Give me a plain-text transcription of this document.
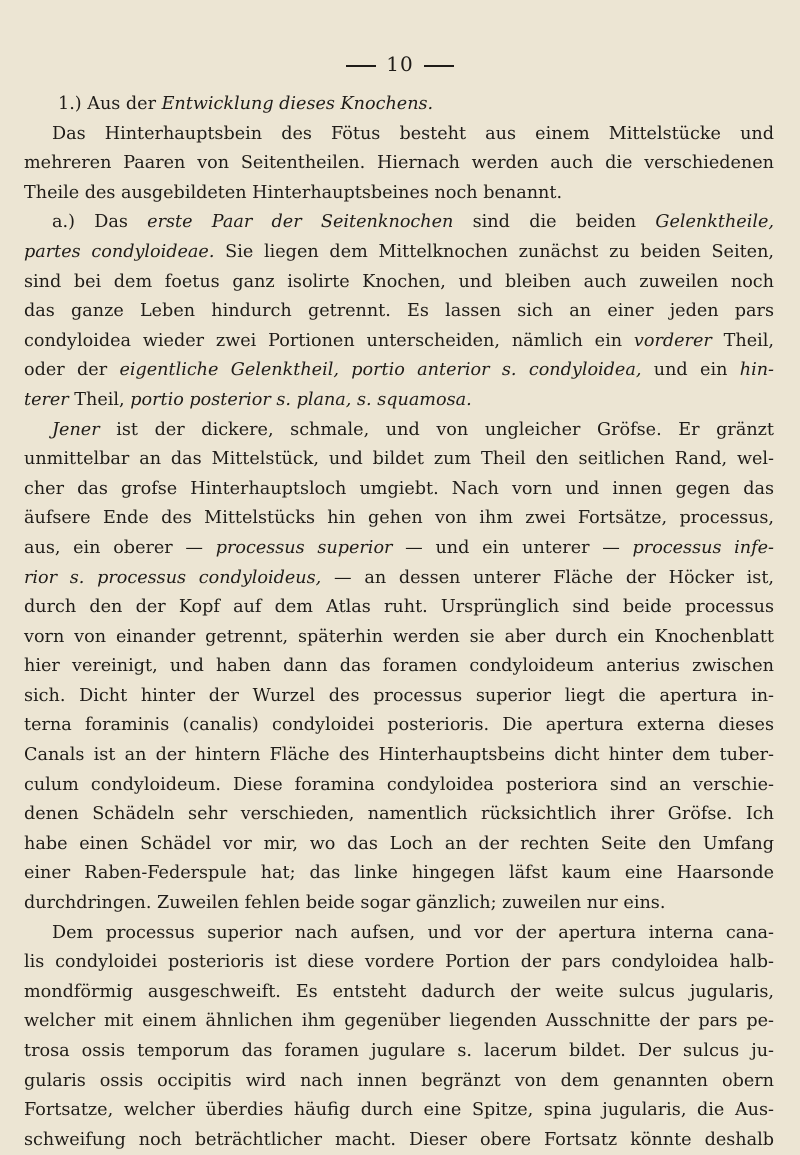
10
1.) Aus der Entwicklung dieses Knochens.
Das Hinterhauptsbein des Fötus besteht aus einem Mittelstücke und
mehreren Paaren von Seitentheilen. Hiernach werden auch die verschiedenen
Theile des ausgebildeten Hinterhauptsbeines noch benannt.
a.) Das erste Paar der Seitenknochen sind die beiden Gelenktheile,
partes condyloideae. Sie liegen dem Mittelknochen zunächst zu beiden Seiten,
sind bei dem foetus ganz isolirte Knochen, und bleiben auch zuweilen noch
das ganze Leben hindurch getrennt. Es lassen sich an einer jeden pars
condyloidea wieder zwei Portionen unterscheiden, nämlich ein vorderer Theil,
oder der eigentliche Gelenktheil, portio anterior s. condyloidea, und ein hin-
terer Theil, portio posterior s. plana, s. squamosa.
Jener ist der dickere, schmale, und von ungleicher Gröfse. Er gränzt
unmittelbar an das Mittelstück, und bildet zum Theil den seitlichen Rand, wel-
cher das grofse Hinterhauptsloch umgiebt. Nach vorn und innen gegen das
äufsere Ende des Mittelstücks hin gehen von ihm zwei Fortsätze, processus,
aus, ein oberer — processus superior — und ein unterer — processus infe-
rior s. processus condyloideus, — an dessen unterer Fläche der Höcker ist,
durch den der Kopf auf dem Atlas ruht. Ursprünglich sind beide processus
vorn von einander getrennt, späterhin werden sie aber durch ein Knochenblatt
hier vereinigt, und haben dann das foramen condyloideum anterius zwischen
sich. Dicht hinter der Wurzel des processus superior liegt die apertura in-
terna foraminis (canalis) condyloidei posterioris. Die apertura externa dieses
Canals ist an der hintern Fläche des Hinterhauptsbeins dicht hinter dem tuber-
culum condyloideum. Diese foramina condyloidea posteriora sind an verschie-
denen Schädeln sehr verschieden, namentlich rücksichtlich ihrer Gröfse. Ich
habe einen Schädel vor mir, wo das Loch an der rechten Seite den Umfang
einer Raben-Federspule hat; das linke hingegen läfst kaum eine Haarsonde
durchdringen. Zuweilen fehlen beide sogar gänzlich; zuweilen nur eins.
Dem processus superior nach aufsen, und vor der apertura interna cana-
lis condyloidei posterioris ist diese vordere Portion der pars condyloidea halb-
mondförmig ausgeschweift. Es entsteht dadurch der weite sulcus jugularis,
welcher mit einem ähnlichen ihm gegenüber liegenden Ausschnitte der pars pe-
trosa ossis temporum das foramen jugulare s. lacerum bildet. Der sulcus ju-
gularis ossis occipitis wird nach innen begränzt von dem genannten obern
Fortsatze, welcher überdies häufig durch eine Spitze, spina jugularis, die Aus-
schweifung noch beträchtlicher macht. Dieser obere Fortsatz könnte deshalb
